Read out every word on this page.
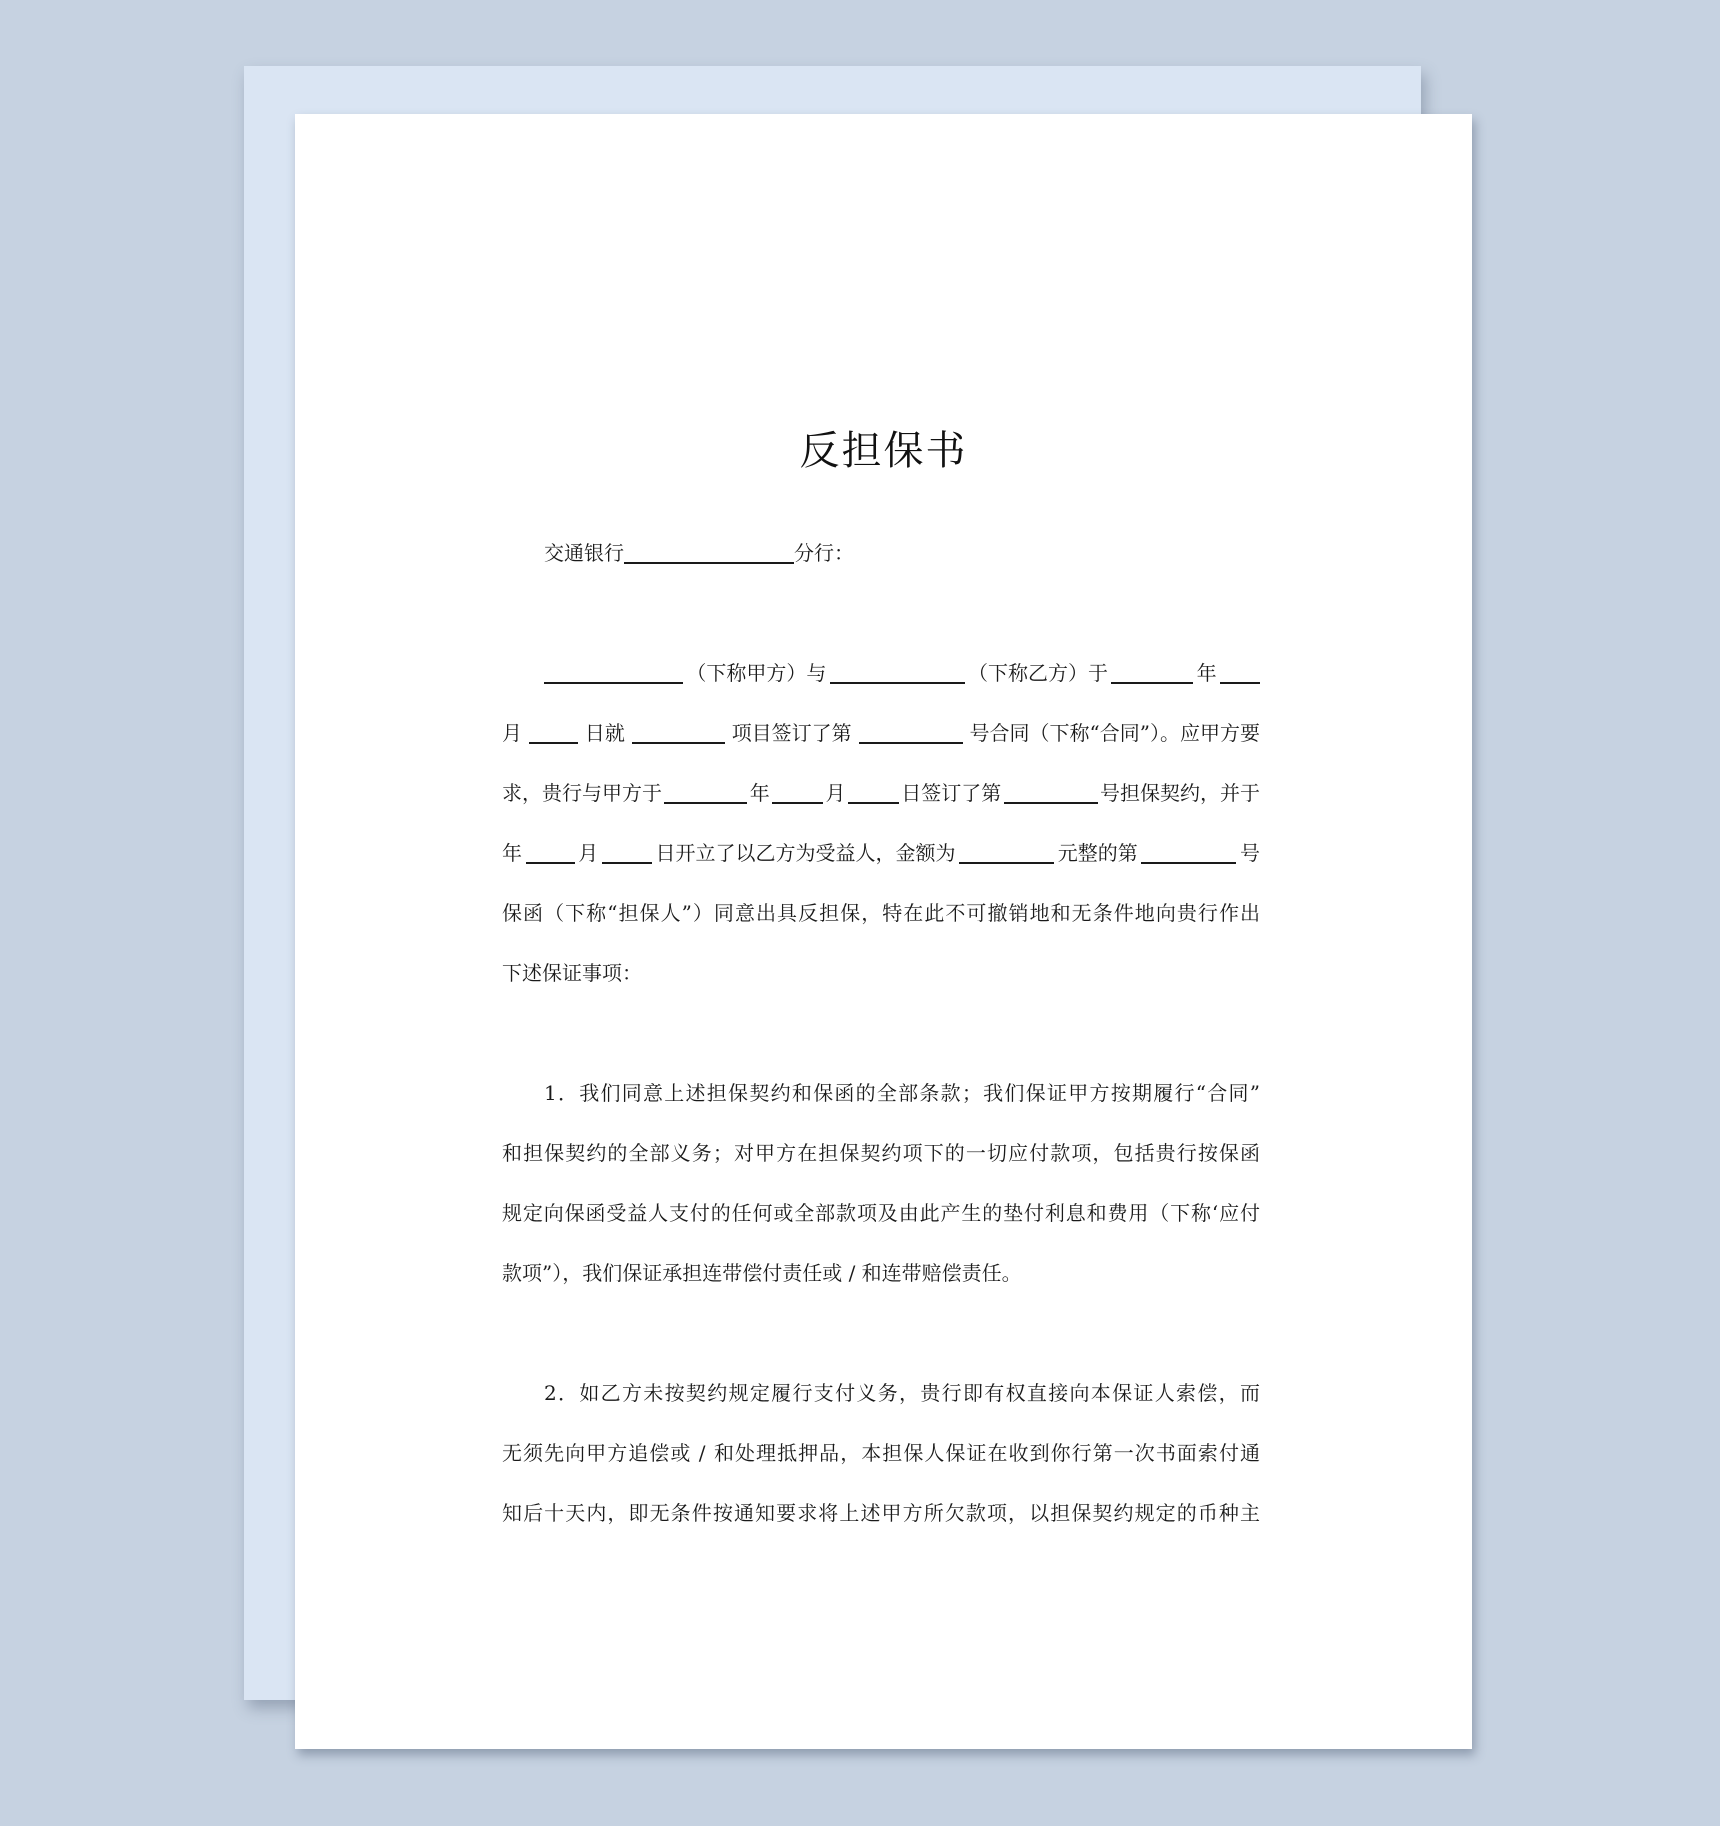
反担保书
交通银行	分行：
（下称甲方）与	（下称乙方）于	年
月	日就	项目签订了第	号合同（下称“合同”）。应甲方要
求，贵行与甲方于	年	月	日签订了第	号担保契约，并于
年	月	日开立了以乙方为受益人，金额为	元整的第	号
保函（下称“担保人”）同意出具反担保，特在此不可撤销地和无条件地向贵行作出
下述保证事项：
1．我们同意上述担保契约和保函的全部条款；我们保证甲方按期履行“合同”
和担保契约的全部义务；对甲方在担保契约项下的一切应付款项，包括贵行按保函
规定向保函受益人支付的任何或全部款项及由此产生的垫付利息和费用（下称‘应付
款项”），我们保证承担连带偿付责任或 / 和连带赔偿责任。
2．如乙方未按契约规定履行支付义务，贵行即有权直接向本保证人索偿，而
无须先向甲方追偿或 / 和处理抵押品，本担保人保证在收到你行第一次书面索付通
知后十天内，即无条件按通知要求将上述甲方所欠款项，以担保契约规定的币种主
